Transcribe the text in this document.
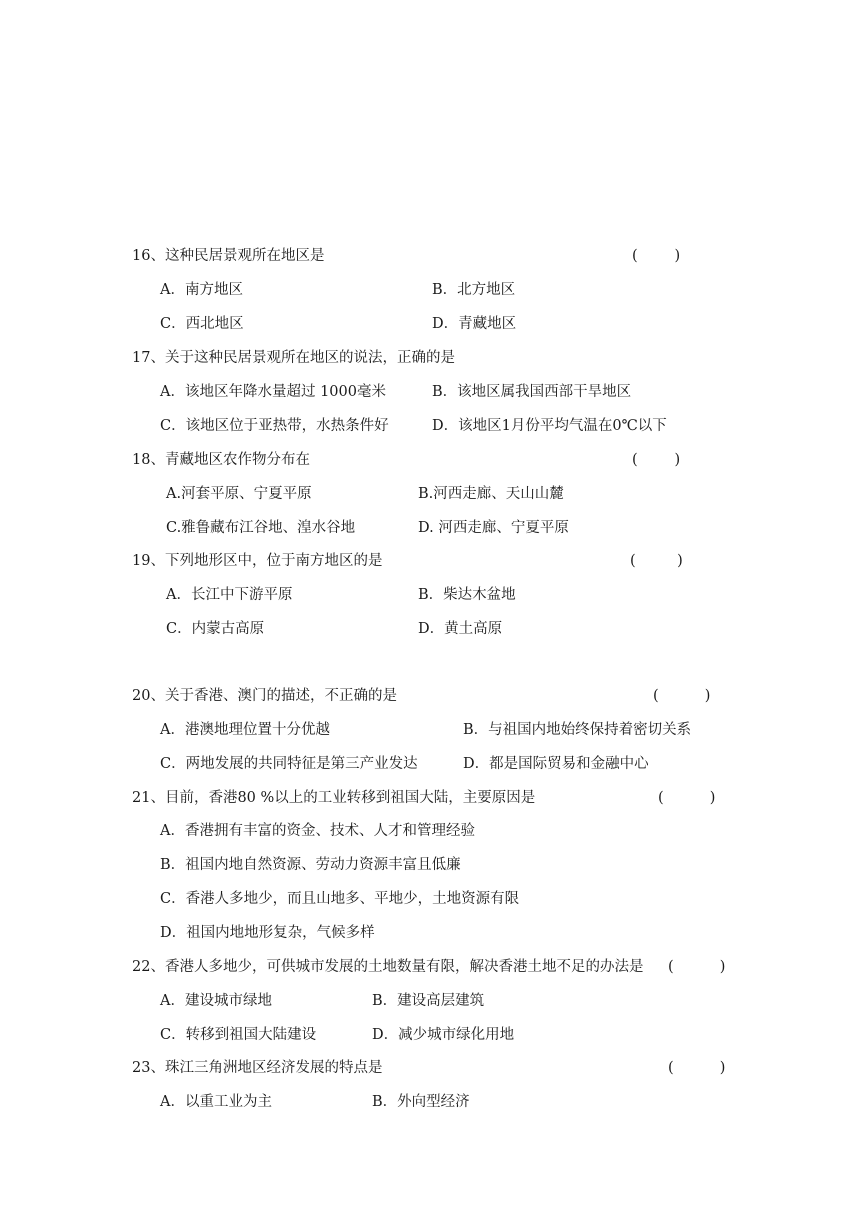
16、这种民居景观所在地区是	(        )
A．南方地区	B．北方地区
C．西北地区	D．青藏地区
17、关于这种民居景观所在地区的说法，正确的是
A．该地区年降水量超过 1000毫米	B．该地区属我国西部干旱地区
C．该地区位于亚热带，水热条件好	D．该地区1月份平均气温在0℃以下
18、青藏地区农作物分布在	(        )
A.河套平原、宁夏平原	B.河西走廊、天山山麓
C.雅鲁藏布江谷地、湟水谷地	D. 河西走廊、宁夏平原
19、下列地形区中，位于南方地区的是	(         )
A．长江中下游平原	B．柴达木盆地
C．内蒙古高原	D．黄土高原
20、关于香港、澳门的描述，不正确的是	(          )
A．港澳地理位置十分优越	B．与祖国内地始终保持着密切关系
C．两地发展的共同特征是第三产业发达	D．都是国际贸易和金融中心
21、目前，香港80 %以上的工业转移到祖国大陆，主要原因是	(          )
A．香港拥有丰富的资金、技术、人才和管理经验
B．祖国内地自然资源、劳动力资源丰富且低廉
C．香港人多地少，而且山地多、平地少，土地资源有限
D．祖国内地地形复杂，气候多样
22、香港人多地少，可供城市发展的土地数量有限，解决香港土地不足的办法是 (          )
A．建设城市绿地	B．建设高层建筑
C．转移到祖国大陆建设	D．减少城市绿化用地
23、珠江三角洲地区经济发展的特点是	(          )
A．以重工业为主	B．外向型经济
